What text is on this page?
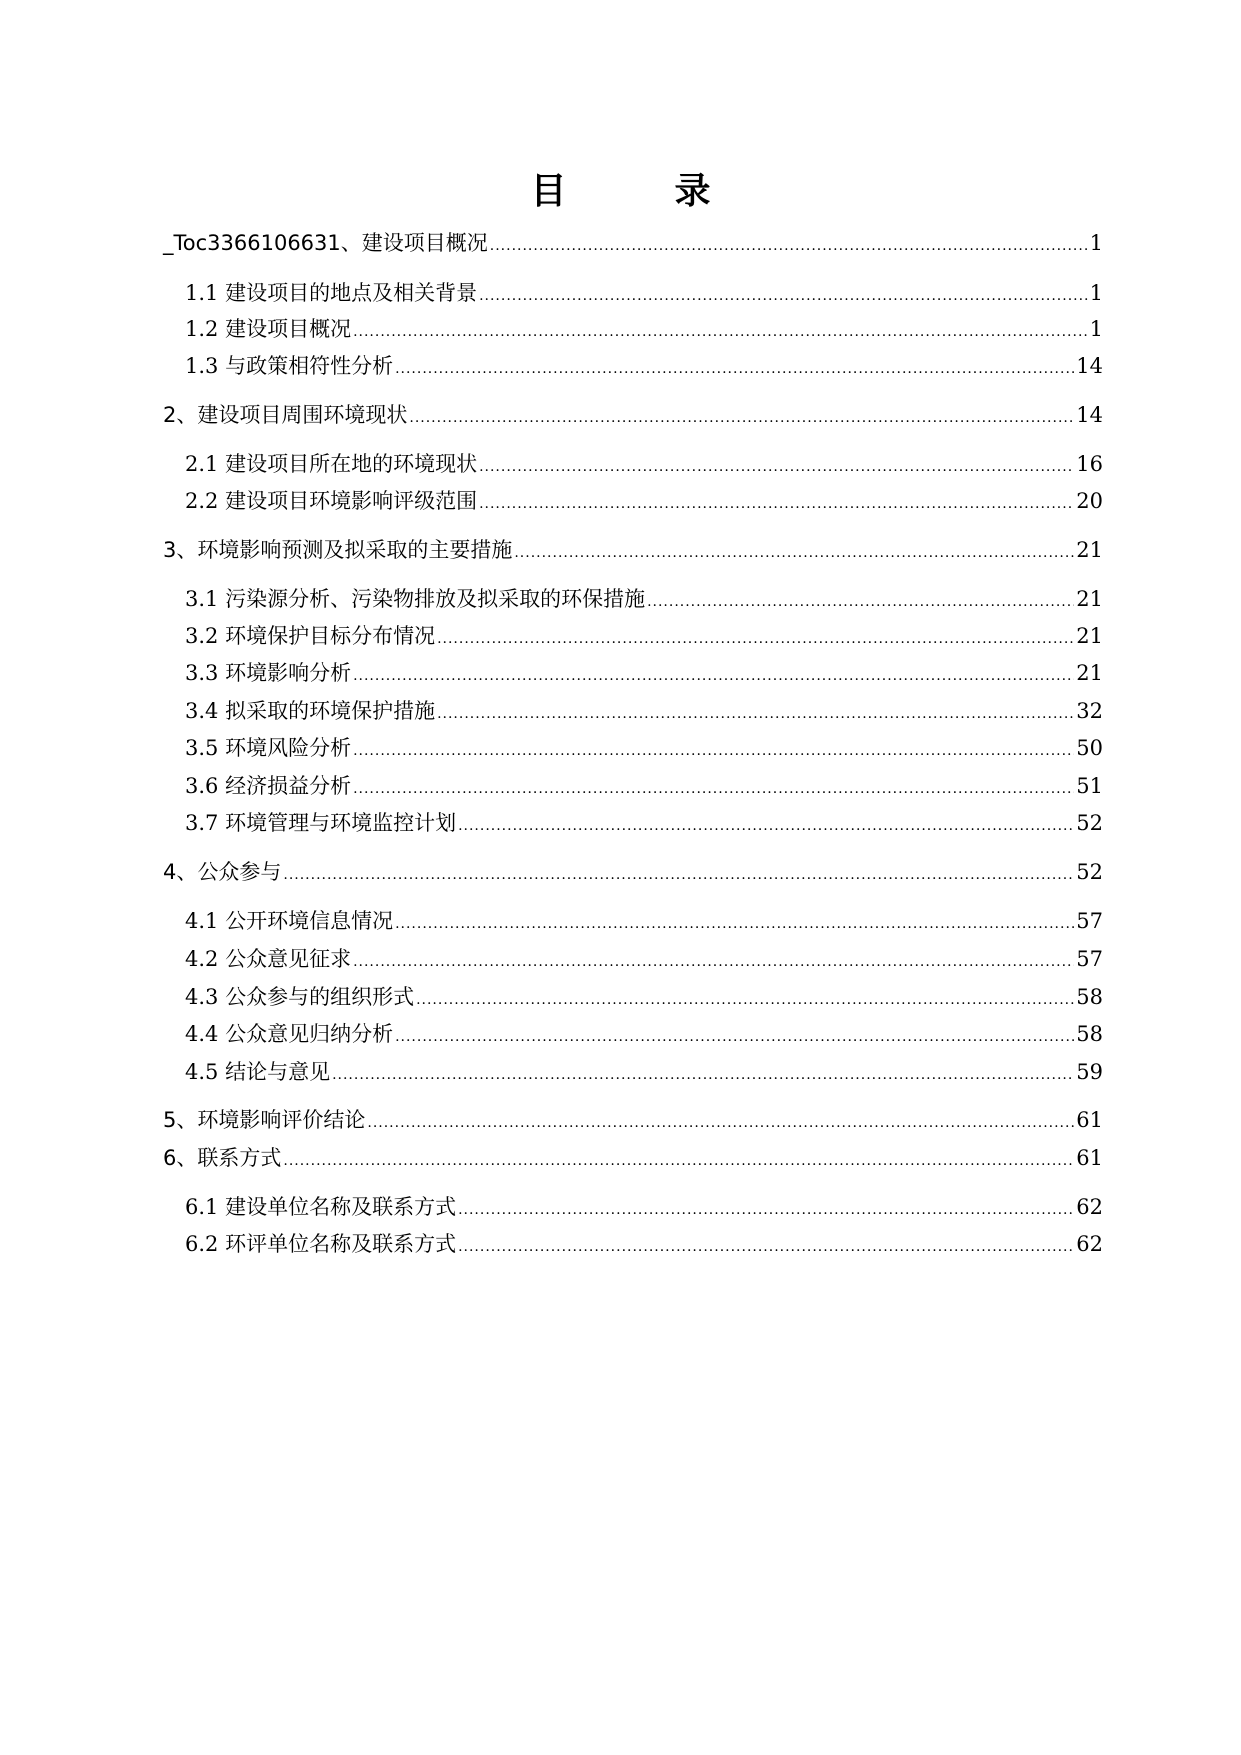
目　录
_Toc3366106631、建设项目概况 .....	1
1.1 建设项目的地点及相关背景 .....	1
1.2 建设项目概况 .....	1
1.3 与政策相符性分析 .....	14
2、建设项目周围环境现状 .....	14
2.1 建设项目所在地的环境现状 .....	16
2.2 建设项目环境影响评级范围 .....	20
3、环境影响预测及拟采取的主要措施 .....	21
3.1 污染源分析、污染物排放及拟采取的环保措施 .....	21
3.2 环境保护目标分布情况 .....	21
3.3 环境影响分析 .....	21
3.4 拟采取的环境保护措施 .....	32
3.5 环境风险分析 .....	50
3.6 经济损益分析 .....	51
3.7 环境管理与环境监控计划 .....	52
4、公众参与 .....	52
4.1 公开环境信息情况 .....	57
4.2 公众意见征求 .....	57
4.3 公众参与的组织形式 .....	58
4.4 公众意见归纳分析 .....	58
4.5 结论与意见 .....	59
5、环境影响评价结论 .....	61
6、联系方式 .....	61
6.1 建设单位名称及联系方式 .....	62
6.2 环评单位名称及联系方式 .....	62
